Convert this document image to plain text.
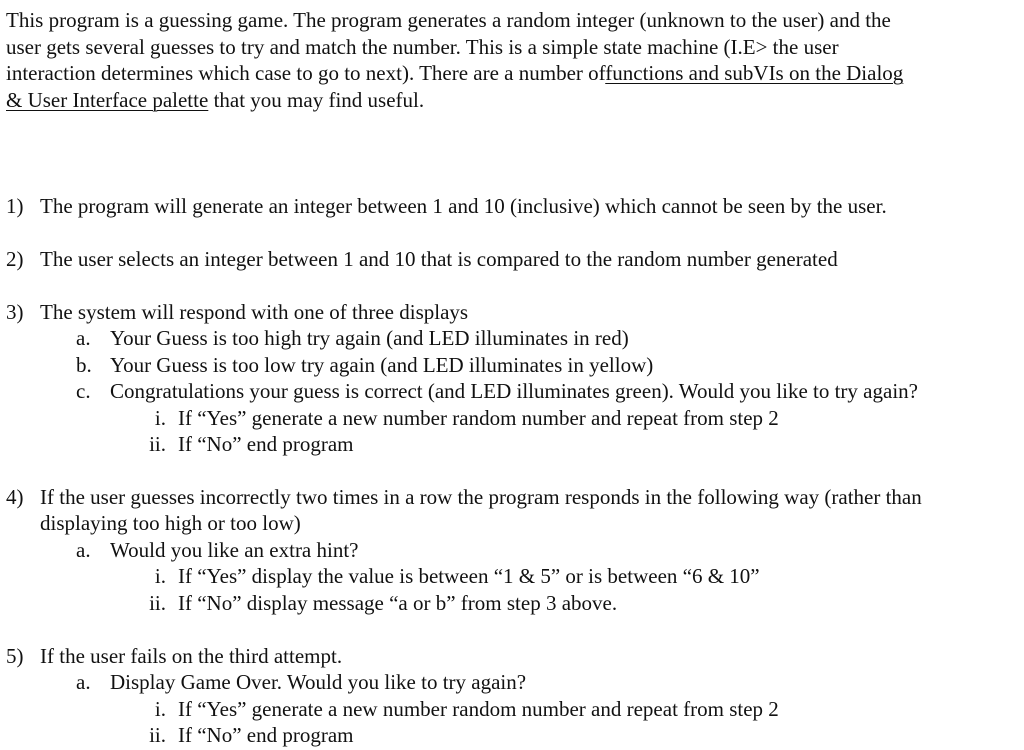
This program is a guessing game. The program generates a random integer (unknown to the user) and the
user gets several guesses to try and match the number. This is a simple state machine (I.E> the user
interaction determines which case to go to next). There are a number offunctions and subVIs on the Dialog
& User Interface palette that you may find useful.
1) The program will generate an integer between 1 and 10 (inclusive) which cannot be seen by the user.
2) The user selects an integer between 1 and 10 that is compared to the random number generated
3) The system will respond with one of three displays
a. Your Guess is too high try again (and LED illuminates in red)
b. Your Guess is too low try again (and LED illuminates in yellow)
c. Congratulations your guess is correct (and LED illuminates green). Would you like to try again?
i. If “Yes” generate a new number random number and repeat from step 2
ii. If “No” end program
4) If the user guesses incorrectly two times in a row the program responds in the following way (rather than
displaying too high or too low)
a. Would you like an extra hint?
i. If “Yes” display the value is between “1 & 5” or is between “6 & 10”
ii. If “No” display message “a or b” from step 3 above.
5) If the user fails on the third attempt.
a. Display Game Over. Would you like to try again?
i. If “Yes” generate a new number random number and repeat from step 2
ii. If “No” end program
